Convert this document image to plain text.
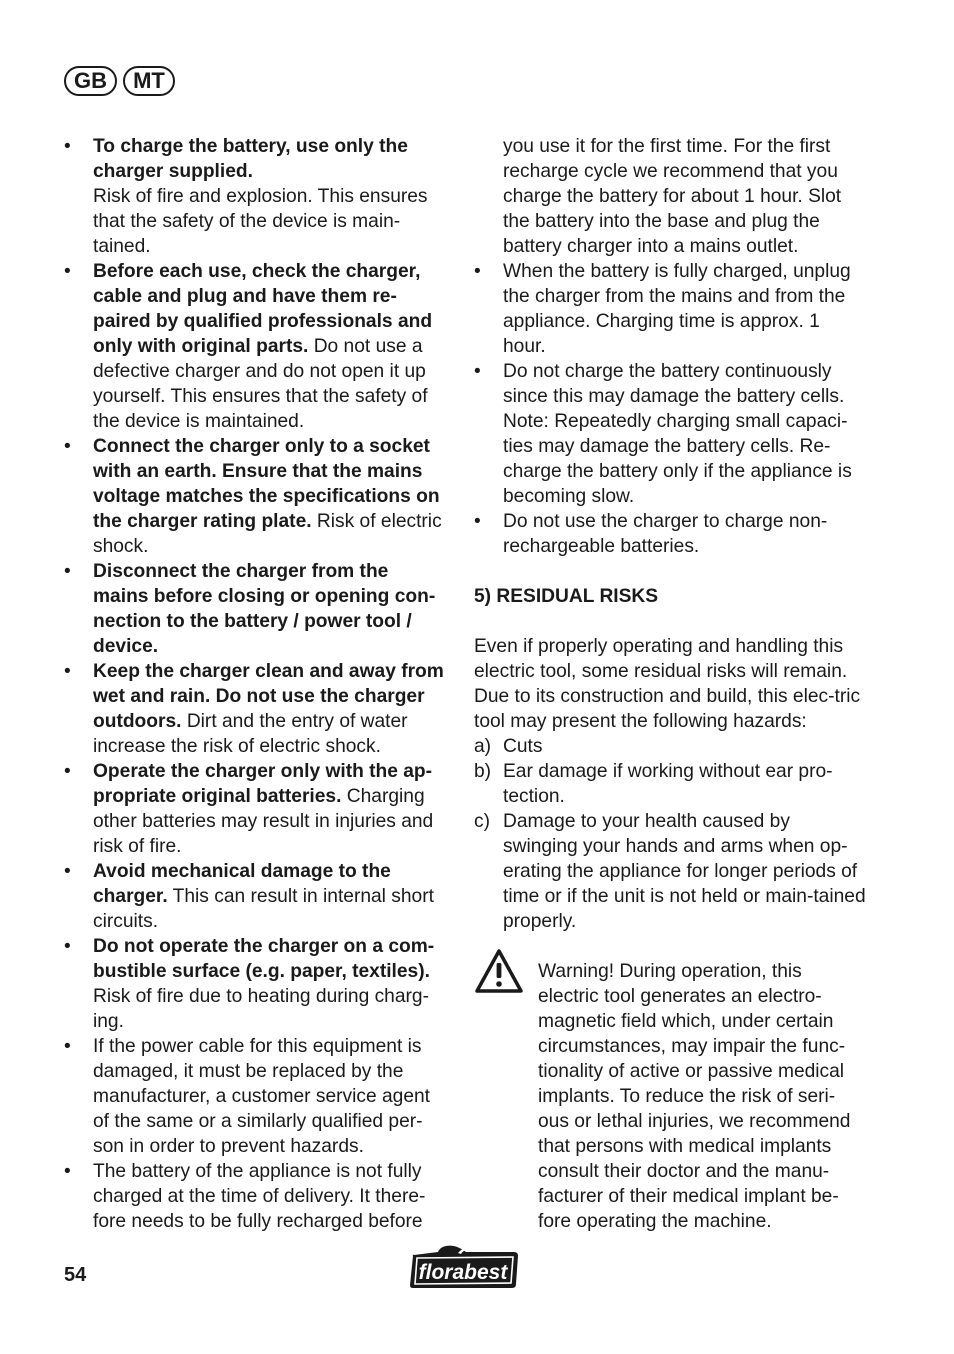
GB	MT
• To charge the battery, use only the charger supplied.
Risk of fire and explosion. This ensures that the safety of the device is main-tained.
• Before each use, check the charger, cable and plug and have them re-paired by qualified professionals and only with original parts. Do not use a defective charger and do not open it up yourself. This ensures that the safety of the device is maintained.
• Connect the charger only to a socket with an earth. Ensure that the mains voltage matches the specifications on the charger rating plate. Risk of electric shock.
• Disconnect the charger from the mains before closing or opening con-nection to the battery / power tool / device.
• Keep the charger clean and away from wet and rain. Do not use the charger outdoors. Dirt and the entry of water increase the risk of electric shock.
• Operate the charger only with the ap-propriate original batteries. Charging other batteries may result in injuries and risk of fire.
• Avoid mechanical damage to the charger. This can result in internal short circuits.
• Do not operate the charger on a com-bustible surface (e.g. paper, textiles).
Risk of fire due to heating during charg-ing.
• If the power cable for this equipment is damaged, it must be replaced by the manufacturer, a customer service agent of the same or a similarly qualified per-son in order to prevent hazards.
• The battery of the appliance is not fully charged at the time of delivery. It there-fore needs to be fully recharged before
you use it for the first time. For the first recharge cycle we recommend that you charge the battery for about 1 hour. Slot the battery into the base and plug the battery charger into a mains outlet.
• When the battery is fully charged, unplug the charger from the mains and from the appliance. Charging time is approx. 1 hour.
• Do not charge the battery continuously since this may damage the battery cells. Note: Repeatedly charging small capaci-ties may damage the battery cells. Re-charge the battery only if the appliance is becoming slow.
• Do not use the charger to charge non-rechargeable batteries.

5) RESIDUAL RISKS

Even if properly operating and handling this electric tool, some residual risks will remain. Due to its construction and build, this elec-tric tool may present the following hazards:

a) Cuts
b) Ear damage if working without ear pro-tection.
c) Damage to your health caused by swinging your hands and arms when op-erating the appliance for longer periods of time or if the unit is not held or main-tained properly.

Warning! During operation, this electric tool generates an electro-magnetic field which, under certain circumstances, may impair the func-tionality of active or passive medical implants. To reduce the risk of seri-ous or lethal injuries, we recommend that persons with medical implants consult their doctor and the manu-facturer of their medical implant be-fore operating the machine.

54	florabest
